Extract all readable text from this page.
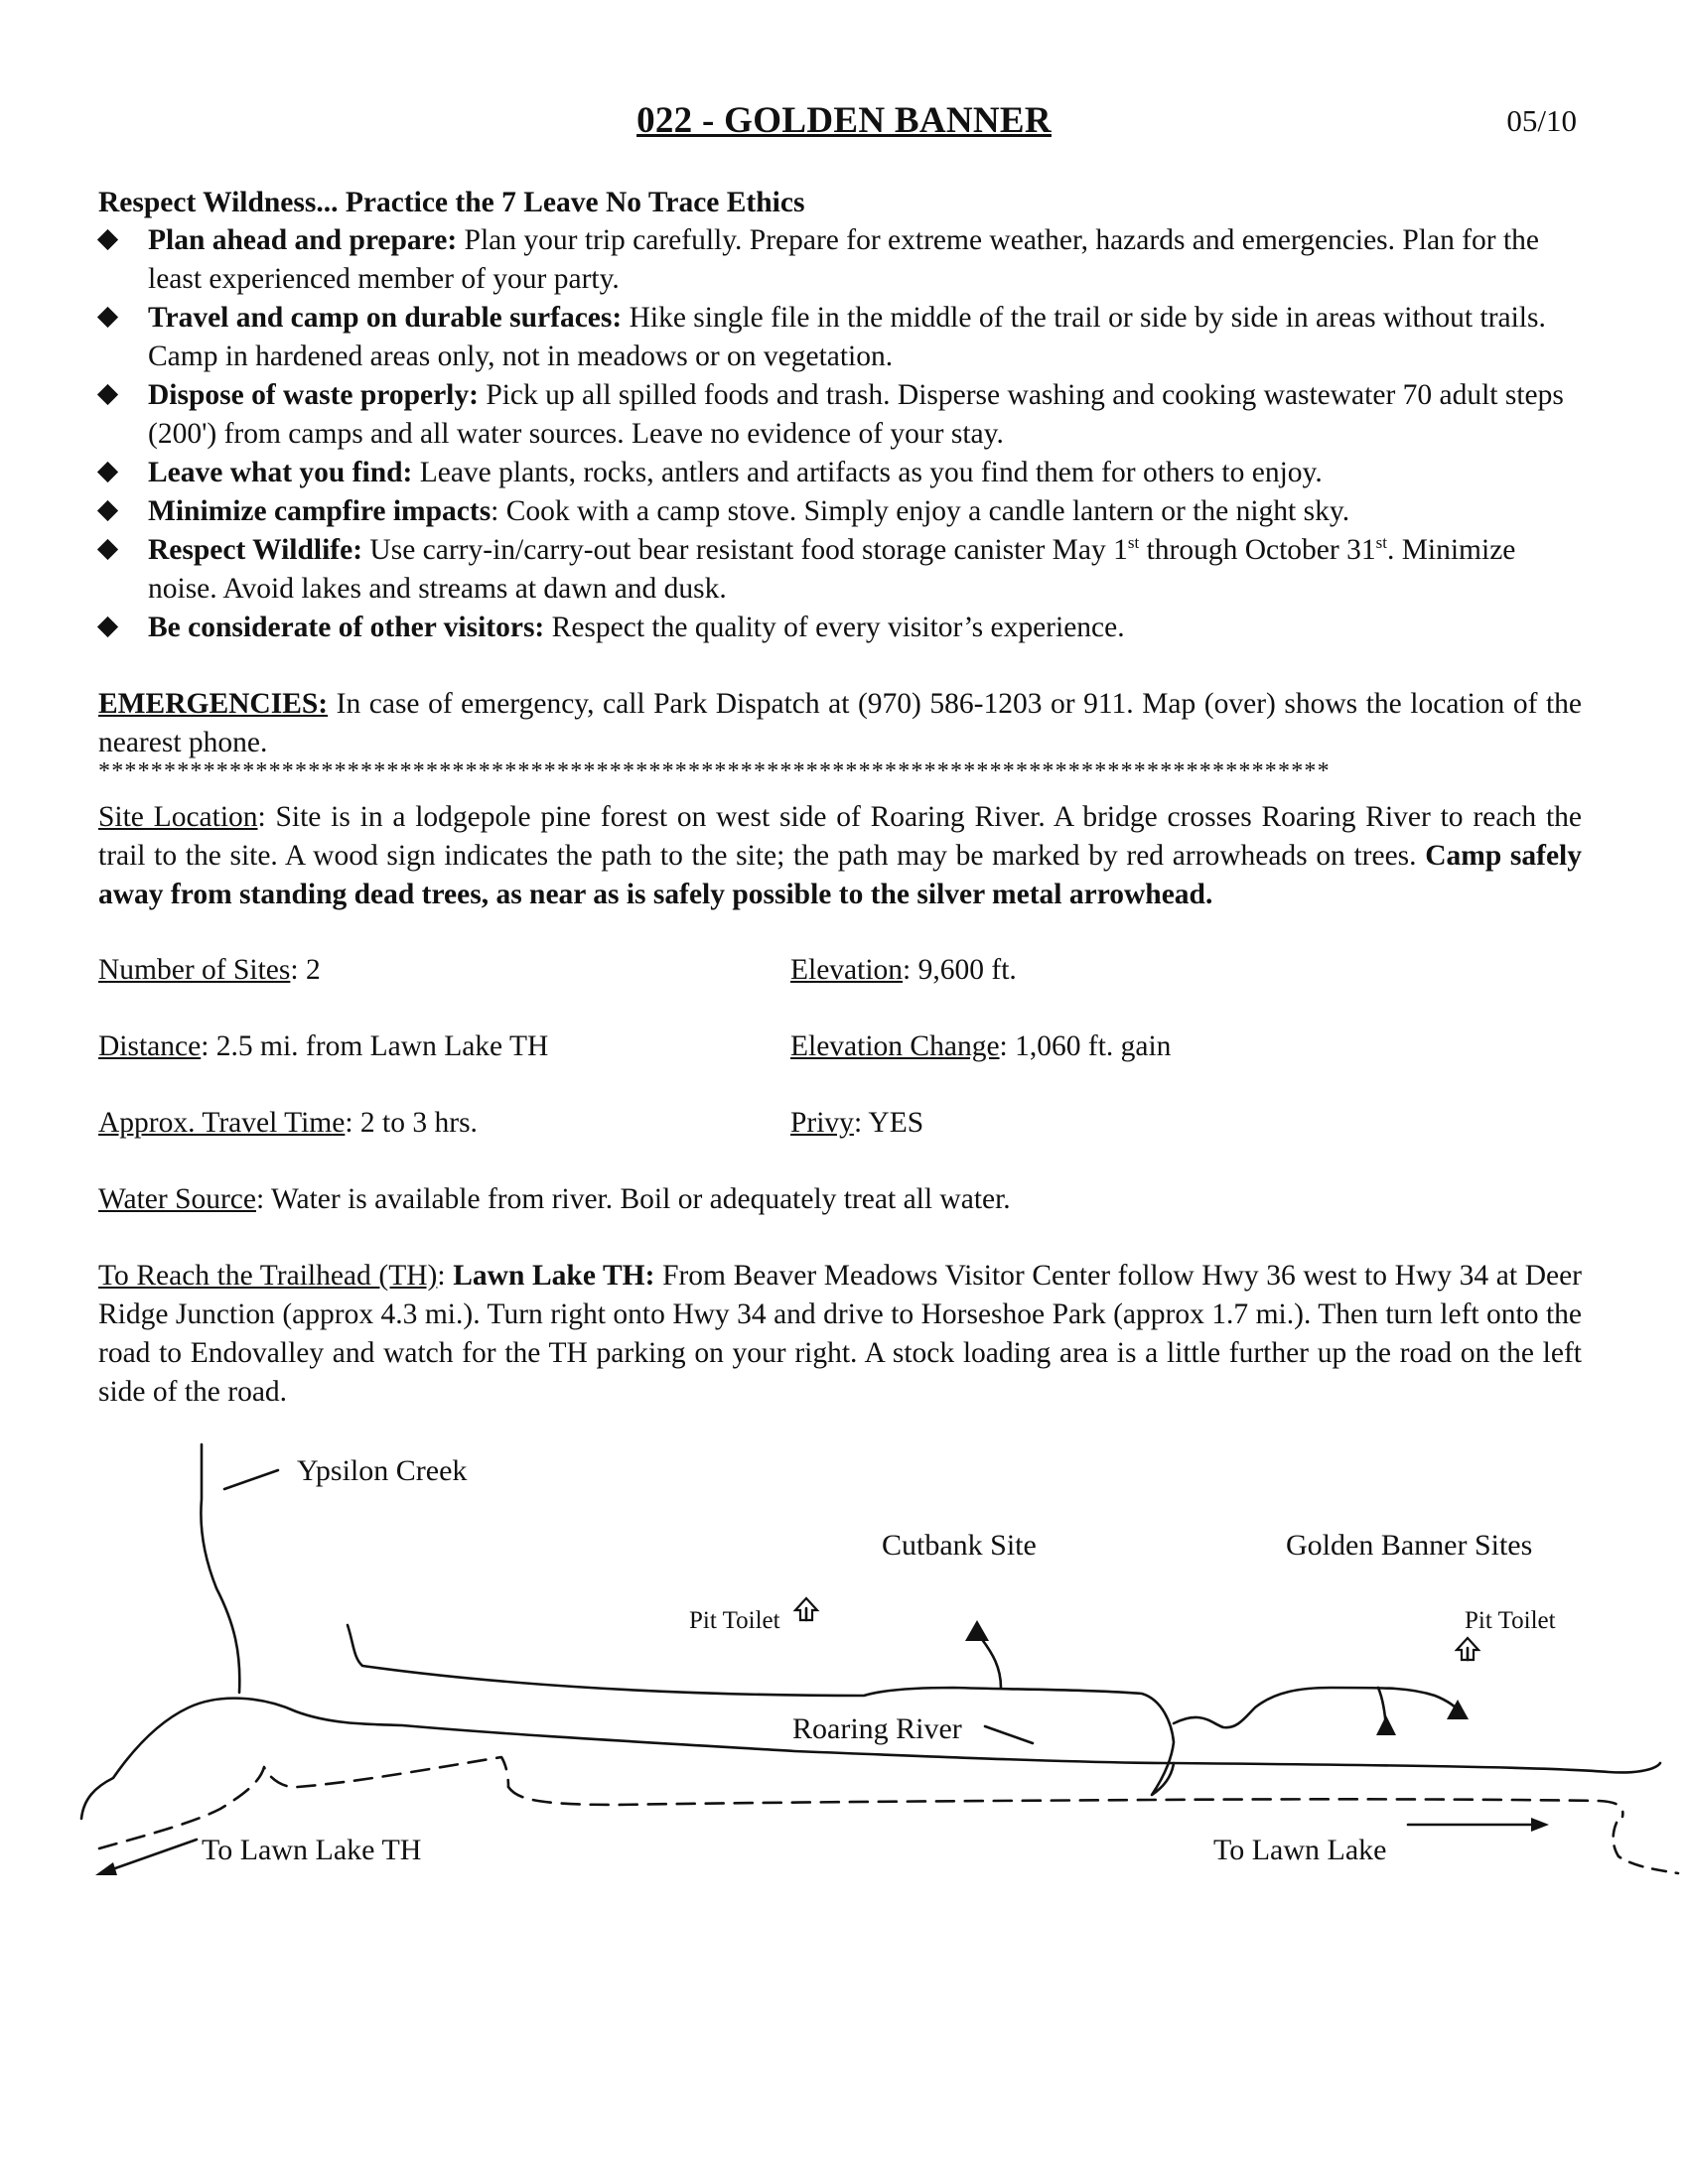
022 - GOLDEN BANNER	05/10
Respect Wildness... Practice the 7 Leave No Trace Ethics
Plan ahead and prepare: Plan your trip carefully. Prepare for extreme weather, hazards and emergencies. Plan for the least experienced member of your party.
Travel and camp on durable surfaces: Hike single file in the middle of the trail or side by side in areas without trails. Camp in hardened areas only, not in meadows or on vegetation.
Dispose of waste properly: Pick up all spilled foods and trash. Disperse washing and cooking wastewater 70 adult steps (200') from camps and all water sources. Leave no evidence of your stay.
Leave what you find: Leave plants, rocks, antlers and artifacts as you find them for others to enjoy.
Minimize campfire impacts: Cook with a camp stove. Simply enjoy a candle lantern or the night sky.
Respect Wildlife: Use carry-in/carry-out bear resistant food storage canister May 1st through October 31st. Minimize noise. Avoid lakes and streams at dawn and dusk.
Be considerate of other visitors: Respect the quality of every visitor’s experience.
EMERGENCIES: In case of emergency, call Park Dispatch at (970) 586-1203 or 911. Map (over) shows the location of the nearest phone.
**********************************************************************************************
Site Location: Site is in a lodgepole pine forest on west side of Roaring River. A bridge crosses Roaring River to reach the trail to the site. A wood sign indicates the path to the site; the path may be marked by red arrowheads on trees. Camp safely away from standing dead trees, as near as is safely possible to the silver metal arrowhead.
Number of Sites: 2	Elevation: 9,600 ft.
Distance: 2.5 mi. from Lawn Lake TH	Elevation Change: 1,060 ft. gain
Approx. Travel Time: 2 to 3 hrs.	Privy: YES
Water Source: Water is available from river. Boil or adequately treat all water.
To Reach the Trailhead (TH): Lawn Lake TH: From Beaver Meadows Visitor Center follow Hwy 36 west to Hwy 34 at Deer Ridge Junction (approx 4.3 mi.). Turn right onto Hwy 34 and drive to Horseshoe Park (approx 1.7 mi.). Then turn left onto the road to Endovalley and watch for the TH parking on your right. A stock loading area is a little further up the road on the left side of the road.
Ypsilon Creek
Cutbank Site	Golden Banner Sites
Pit Toilet	Pit Toilet
Roaring River
To Lawn Lake TH	To Lawn Lake
